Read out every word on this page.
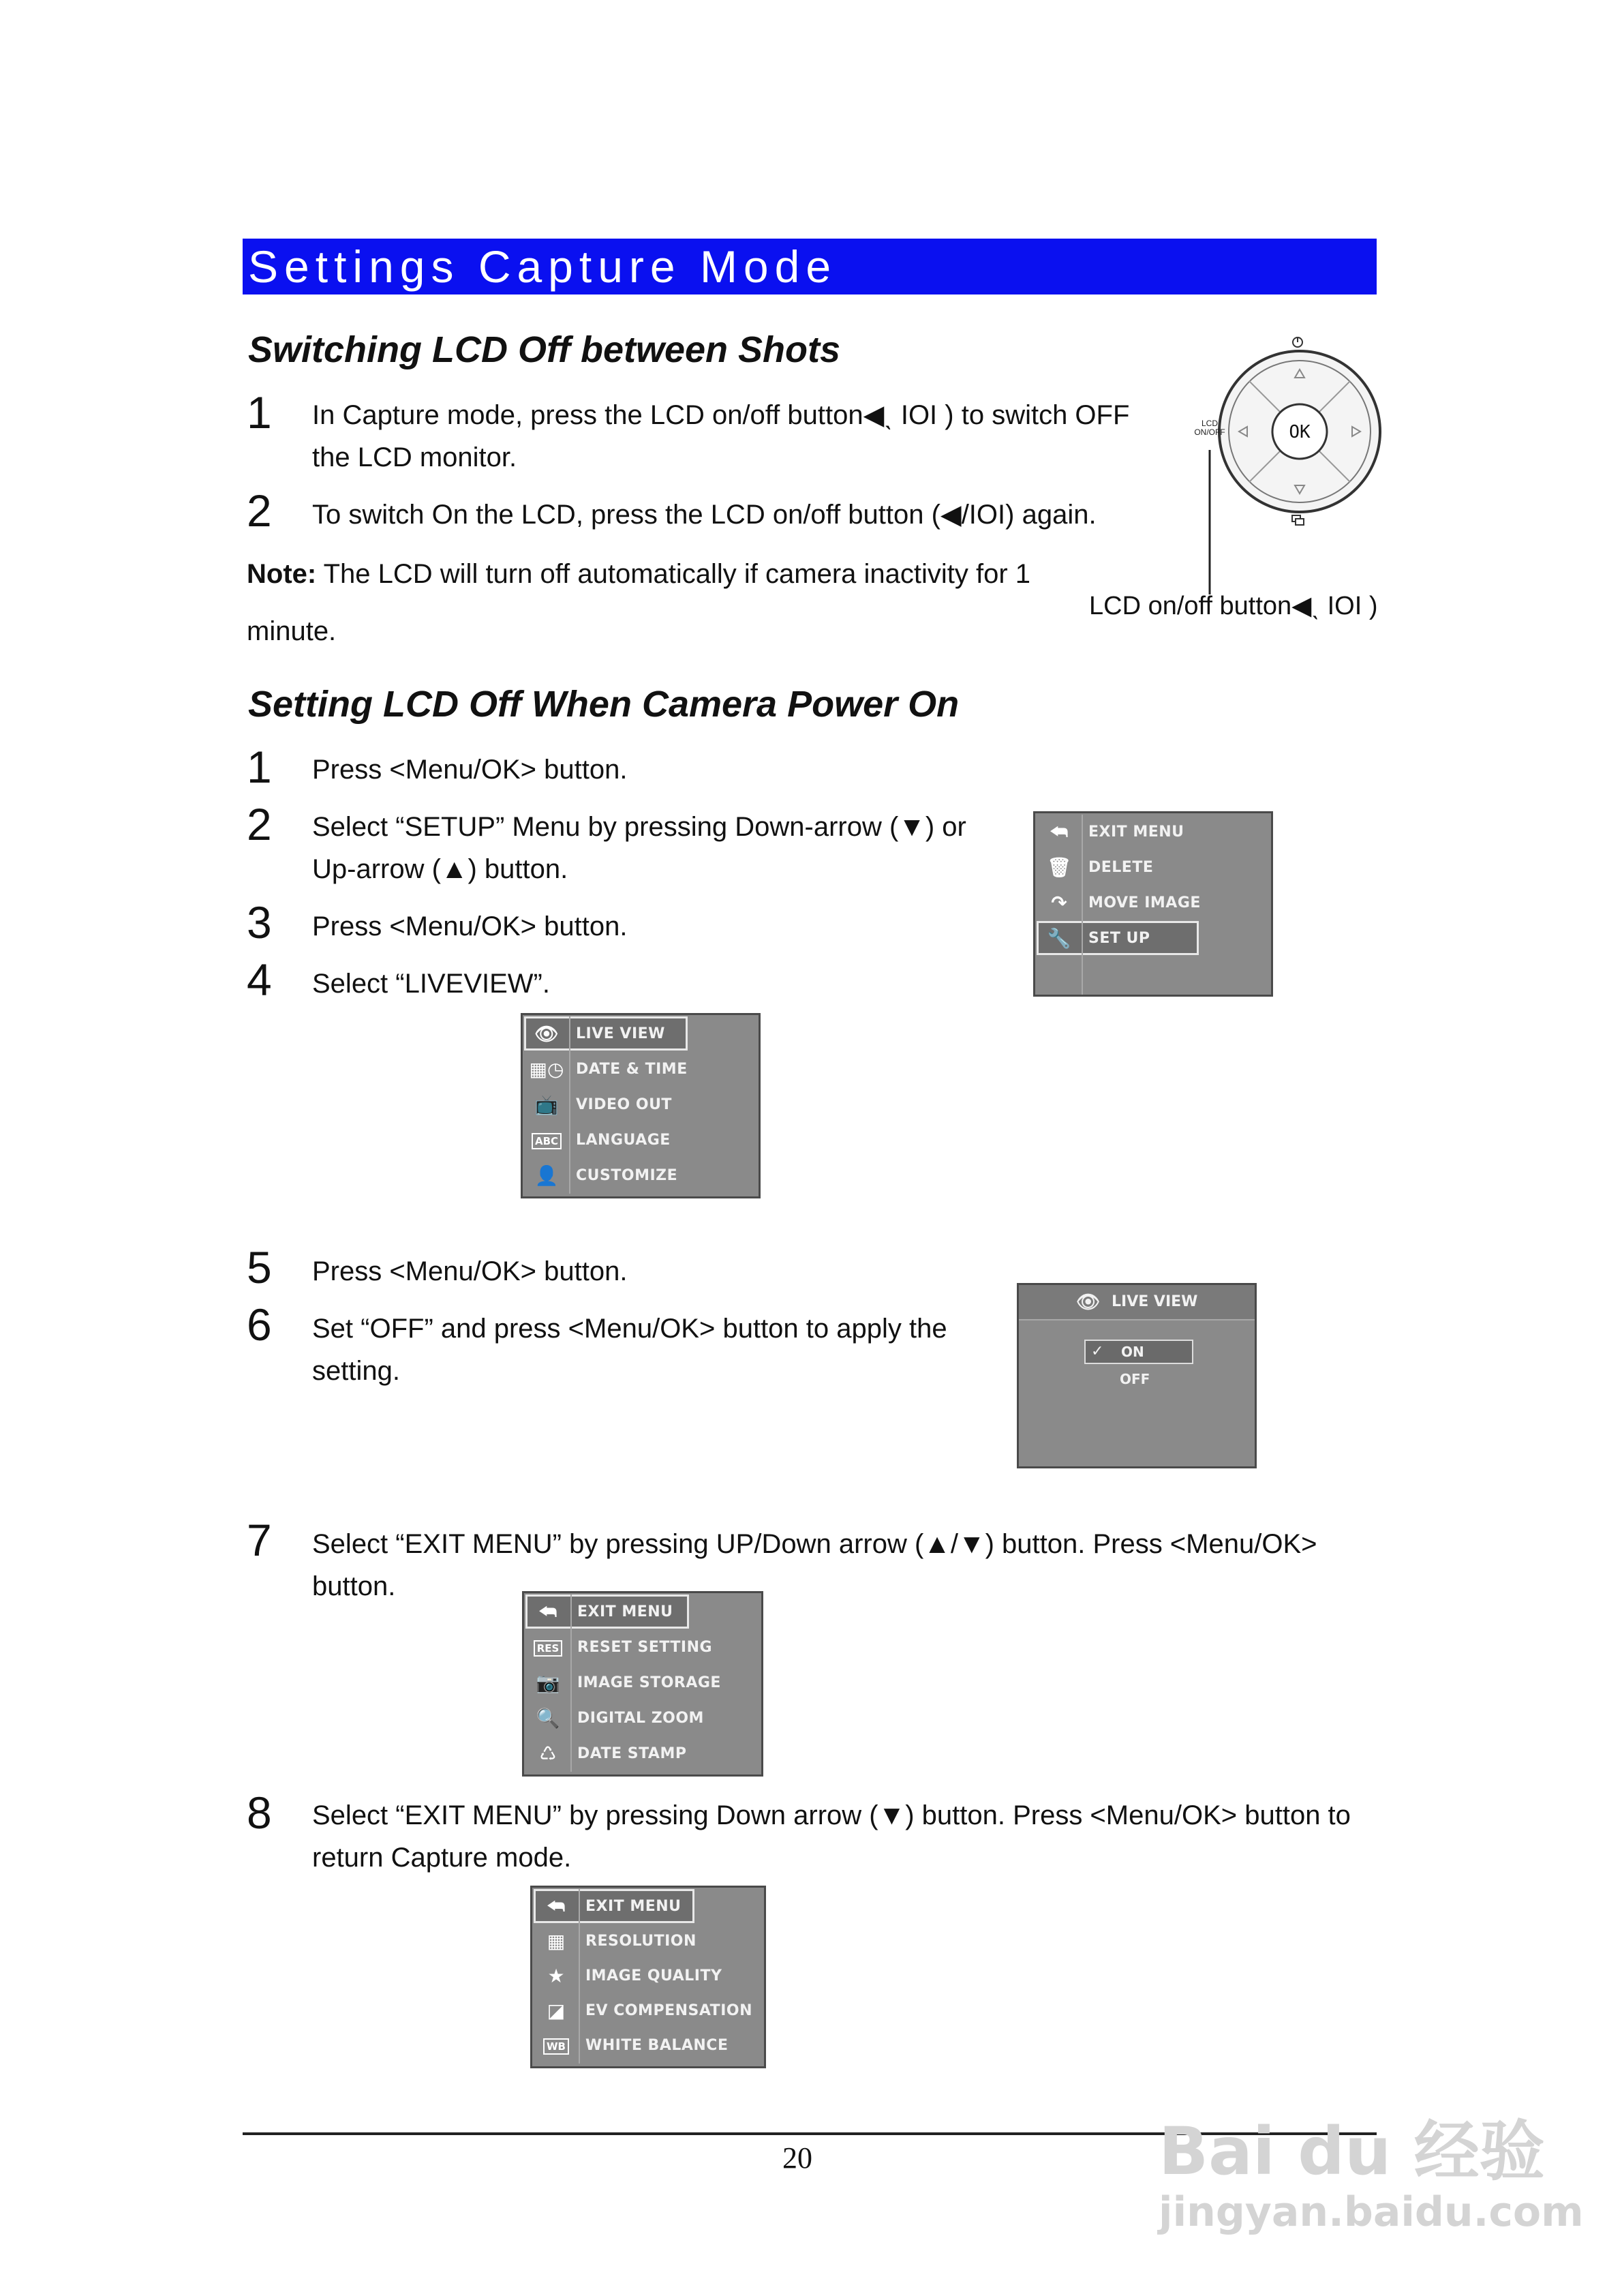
Settings Capture Mode
Switching LCD Off between Shots
1 In Capture mode, press the LCD on/off button◀ˎ IOI ) to switch OFF
the LCD monitor.
2 To switch On the LCD, press the LCD on/off button (◀/IOI) again.
Note: The LCD will turn off automatically if camera inactivity for 1
minute.
OK
LCD
ON/OFF
LCD on/off button◀ˎ IOI )
Setting LCD Off When Camera Power On
1 Press <Menu/OK> button.
2 Select “SETUP” Menu by pressing Down-arrow (▼) or
Up-arrow (▲) button.
3 Press <Menu/OK> button.
4 Select “LIVEVIEW”.
⮪	EXIT MENU
🗑	DELETE
↷	MOVE IMAGE
🔧	SET UP
👁	LIVE VIEW
▦◷ DATE & TIME
📺	VIDEO OUT
ABC	LANGUAGE
👤	CUSTOMIZE
5 Press <Menu/OK> button.
6 Set “OFF” and press <Menu/OK> button to apply the
setting.
👁 LIVE VIEW
✓ ON
OFF
7 Select “EXIT MENU” by pressing UP/Down arrow (▲/▼) button. Press <Menu/OK>
button.
⮪	EXIT MENU
RES	RESET SETTING
📷	IMAGE STORAGE
🔍	DIGITAL ZOOM
♺	DATE STAMP
8 Select “EXIT MENU” by pressing Down arrow (▼) button. Press <Menu/OK> button to
return Capture mode.
⮪	EXIT MENU
▦	RESOLUTION
★	IMAGE QUALITY
◪	EV COMPENSATION
WB	WHITE BALANCE
20	Bai du 经验
jingyan.baidu.com
